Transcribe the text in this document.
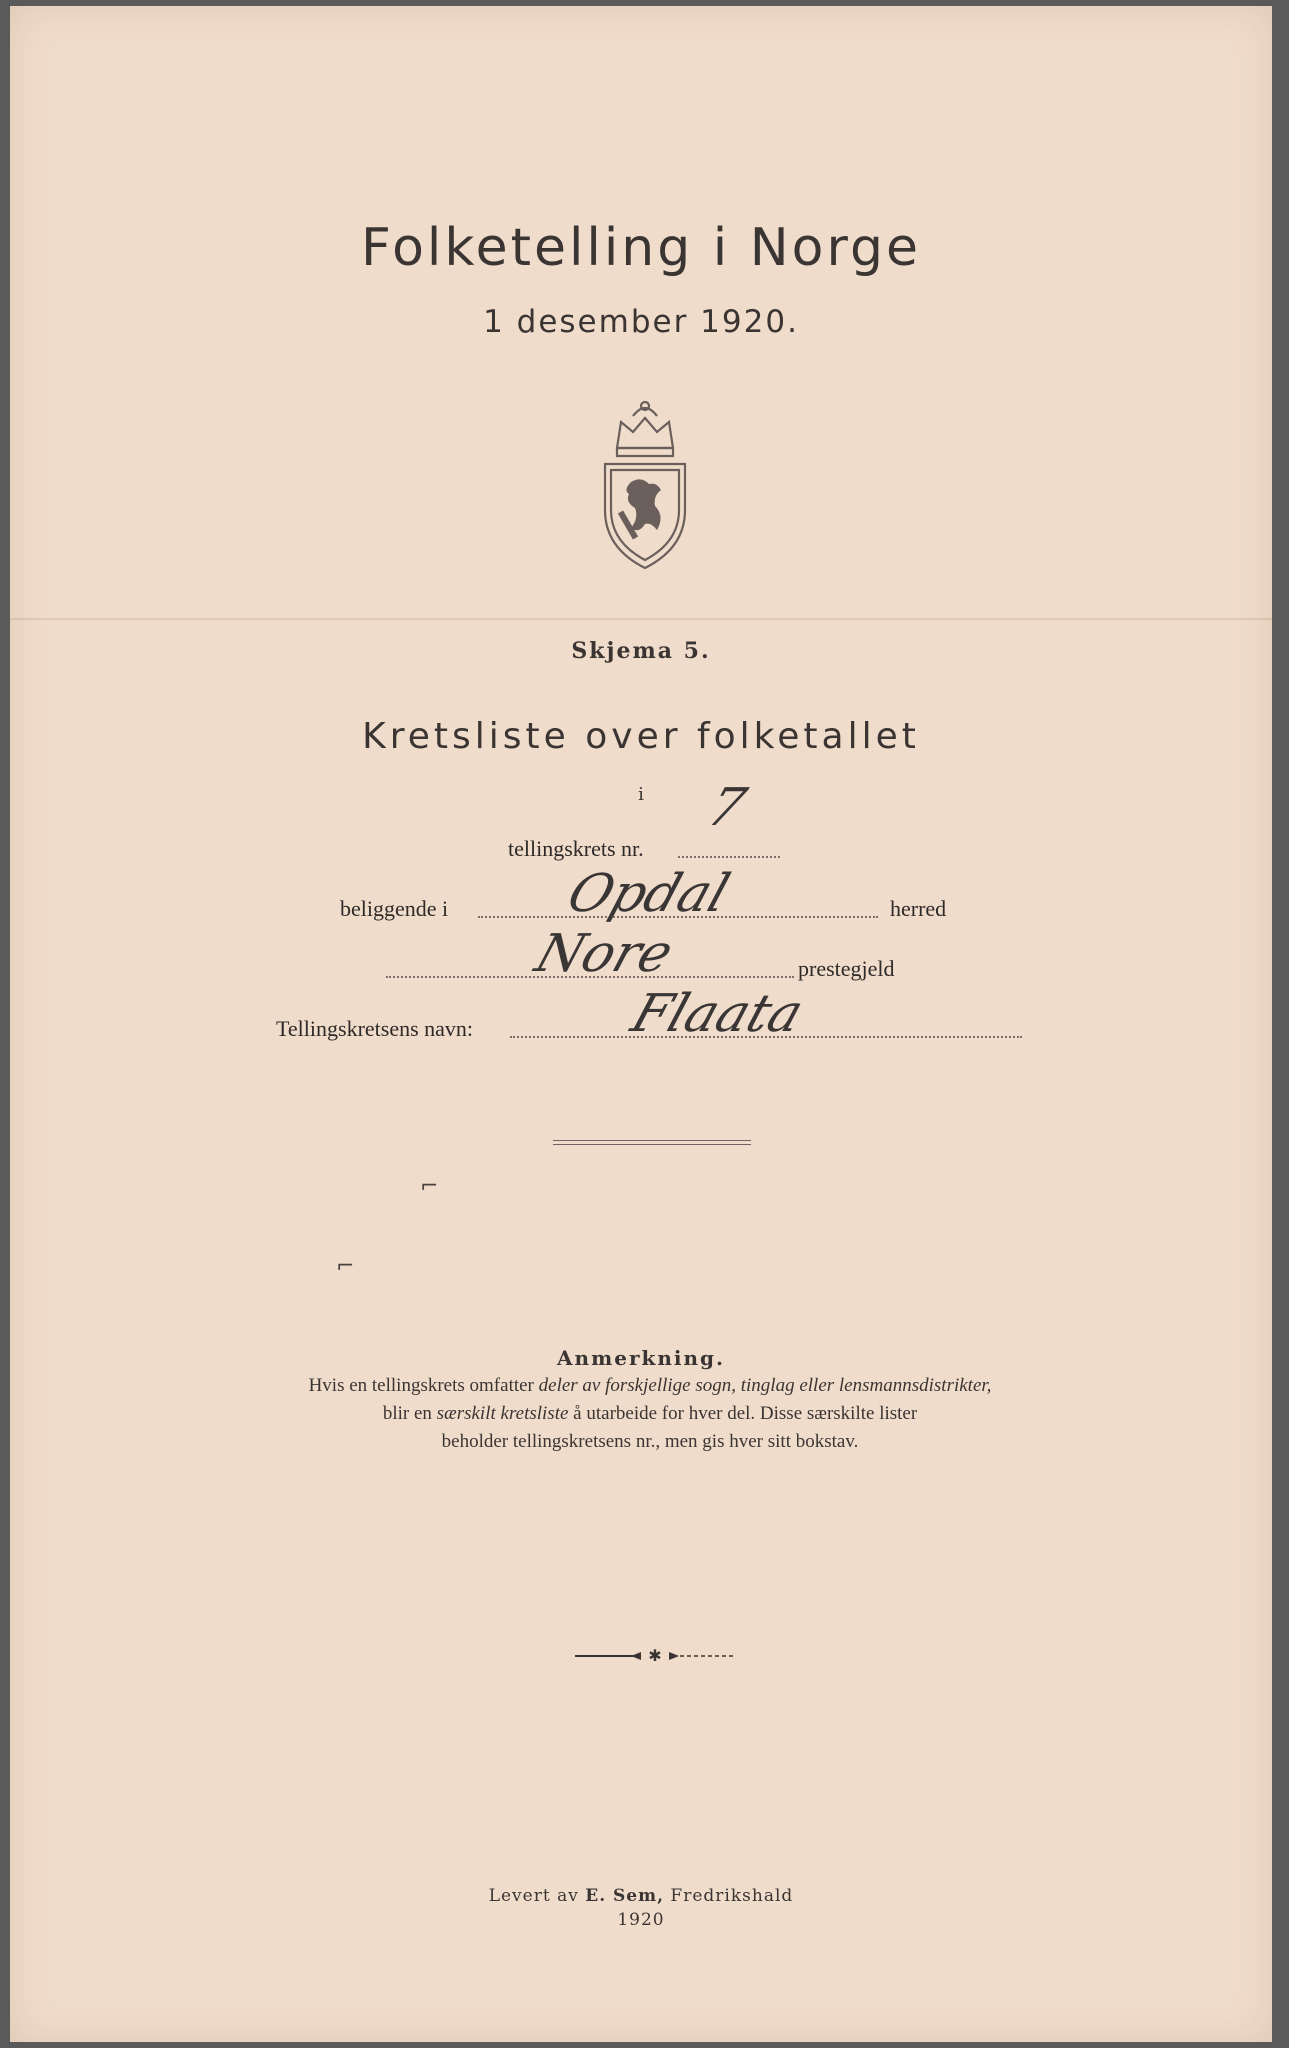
Folketelling i Norge
1 desember 1920.
Skjema 5.
Kretsliste over folketallet
i
tellingskrets nr.
7
beliggende i Opdal	herred
Nore	prestegjeld
Tellingskretsens navn:	Flaata
⌐
⌐
Anmerkning.
Hvis en tellingskrets omfatter deler av forskjellige sogn, tinglag eller lensmannsdistrikter,
blir en særskilt kretsliste å utarbeide for hver del. Disse særskilte lister
beholder tellingskretsens nr., men gis hver sitt bokstav.
✱
Levert av E. Sem, Fredrikshald
1920
